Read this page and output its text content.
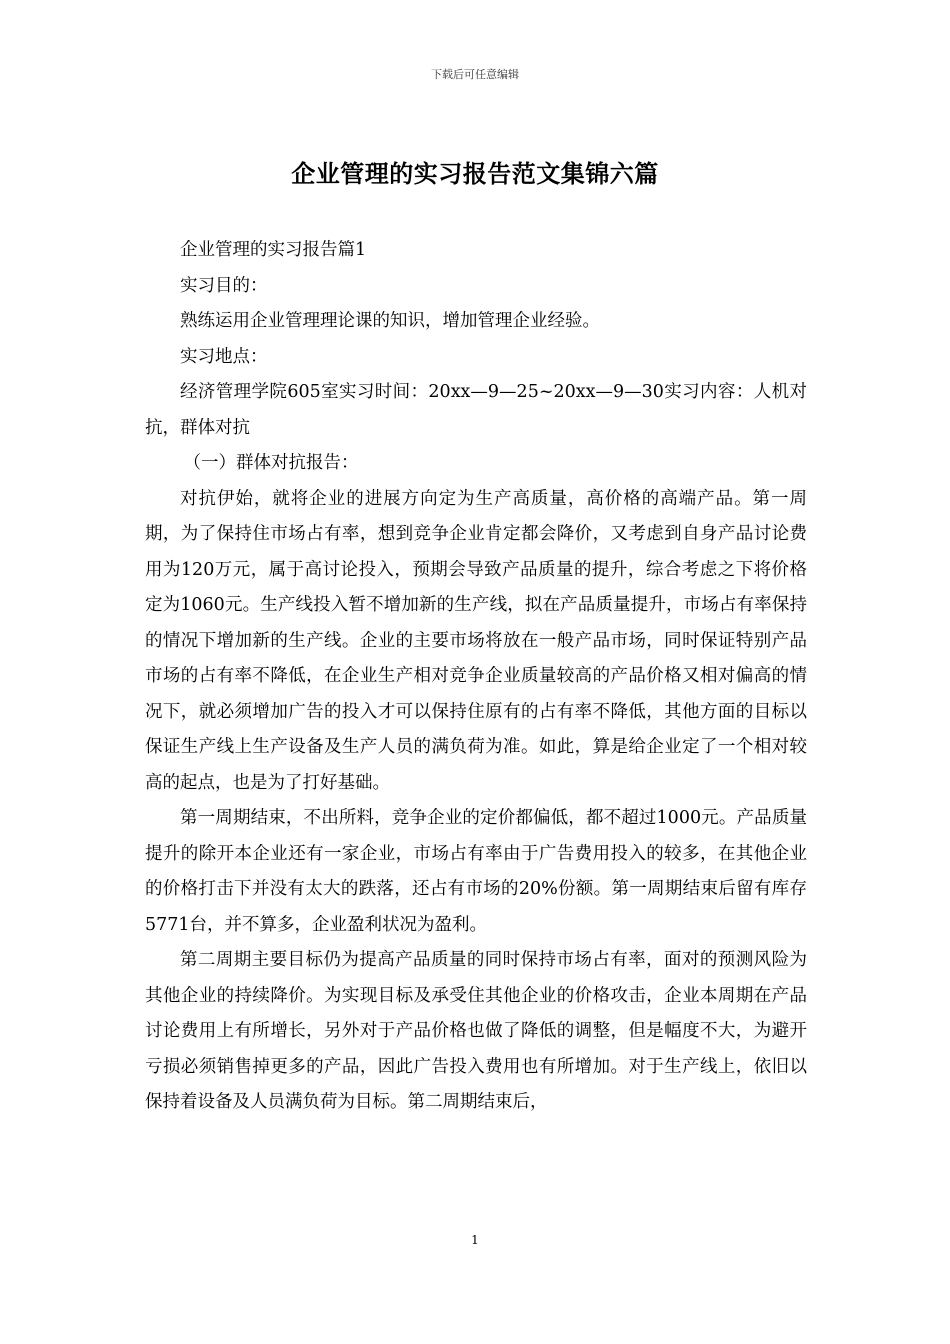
下载后可任意编辑
企业管理的实习报告范文集锦六篇

企业管理的实习报告篇1

实习目的：

熟练运用企业管理理论课的知识，增加管理企业经验。

实习地点：

经济管理学院605室实习时间：20xx—9—25~20xx—9—30实习内容：人机对抗，群体对抗

（一）群体对抗报告：

对抗伊始，就将企业的进展方向定为生产高质量，高价格的高端产品。第一周期，为了保持住市场占有率，想到竞争企业肯定都会降价，又考虑到自身产品讨论费用为120万元，属于高讨论投入，预期会导致产品质量的提升，综合考虑之下将价格定为1060元。生产线投入暂不增加新的生产线，拟在产品质量提升，市场占有率保持的情况下增加新的生产线。企业的主要市场将放在一般产品市场，同时保证特别产品市场的占有率不降低，在企业生产相对竞争企业质量较高的产品价格又相对偏高的情况下，就必须增加广告的投入才可以保持住原有的占有率不降低，其他方面的目标以保证生产线上生产设备及生产人员的满负荷为准。如此，算是给企业定了一个相对较高的起点，也是为了打好基础。

第一周期结束，不出所料，竞争企业的定价都偏低，都不超过1000元。产品质量提升的除开本企业还有一家企业，市场占有率由于广告费用投入的较多，在其他企业的价格打击下并没有太大的跌落，还占有市场的20%份额。第一周期结束后留有库存5771台，并不算多，企业盈利状况为盈利。

第二周期主要目标仍为提高产品质量的同时保持市场占有率，面对的预测风险为其他企业的持续降价。为实现目标及承受住其他企业的价格攻击，企业本周期在产品讨论费用上有所增长，另外对于产品价格也做了降低的调整，但是幅度不大，为避开亏损必须销售掉更多的产品，因此广告投入费用也有所增加。对于生产线上，依旧以保持着设备及人员满负荷为目标。第二周期结束后，

1
